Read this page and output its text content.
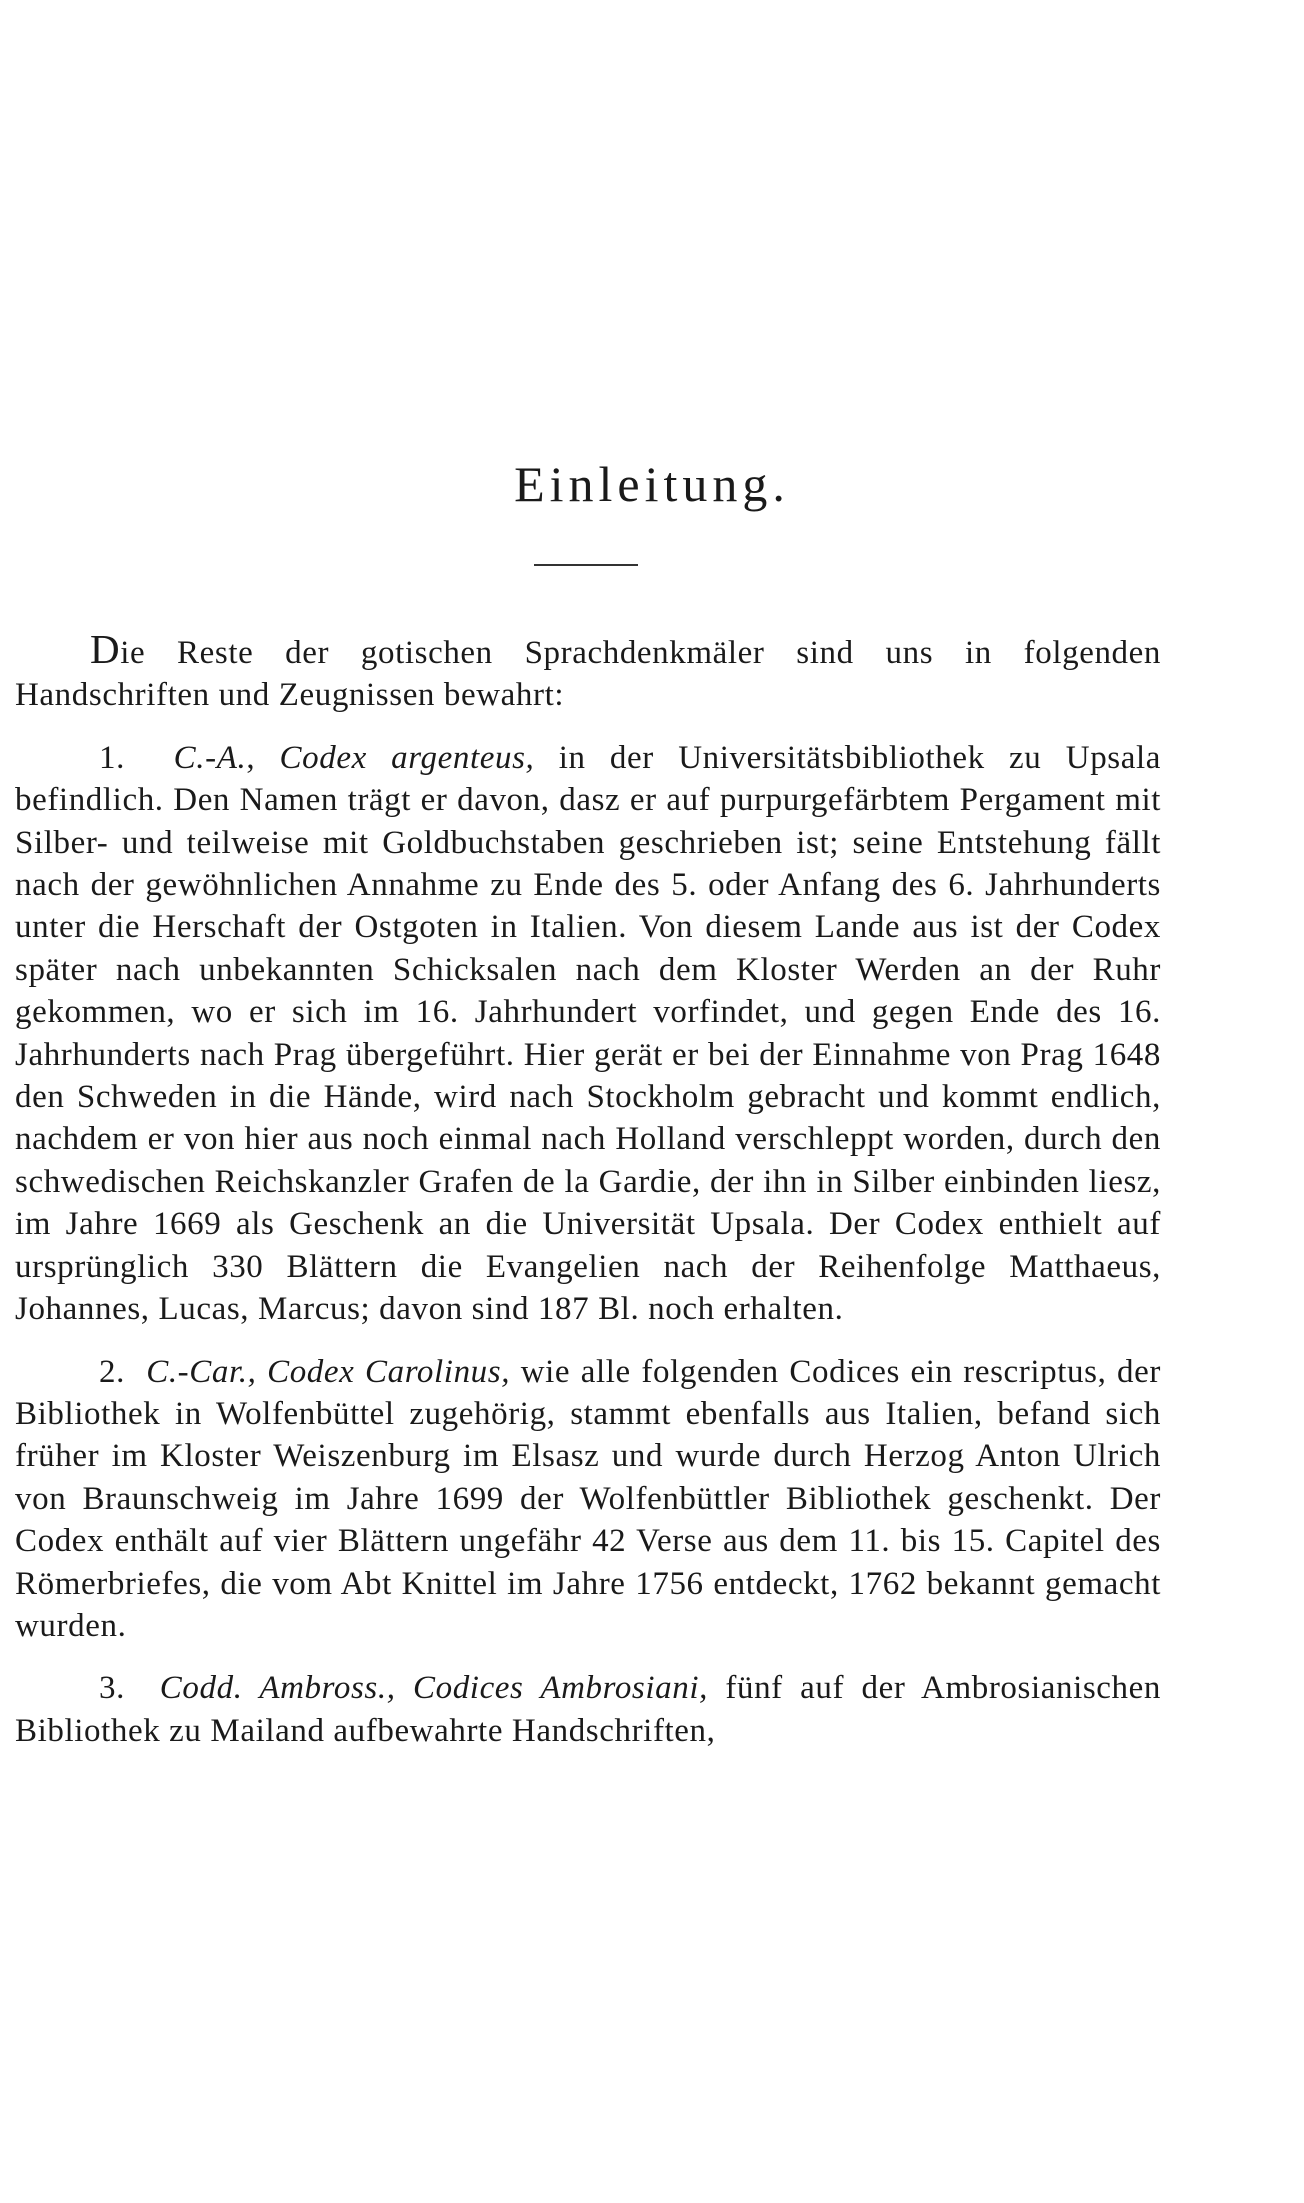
Einleitung.

Die Reste der gotischen Sprachdenkmäler sind uns in folgenden Handschriften und Zeugnissen bewahrt:

1. C.-A., Codex argenteus, in der Universitätsbibliothek zu Upsala befindlich. Den Namen trägt er davon, dasz er auf purpurgefärbtem Pergament mit Silber- und teilweise mit Goldbuchstaben geschrieben ist; seine Entstehung fällt nach der gewöhnlichen Annahme zu Ende des 5. oder Anfang des 6. Jahrhunderts unter die Herschaft der Ostgoten in Italien. Von diesem Lande aus ist der Codex später nach unbekannten Schicksalen nach dem Kloster Werden an der Ruhr gekommen, wo er sich im 16. Jahrhundert vorfindet, und gegen Ende des 16. Jahrhunderts nach Prag übergeführt. Hier gerät er bei der Einnahme von Prag 1648 den Schweden in die Hände, wird nach Stockholm gebracht und kommt endlich, nachdem er von hier aus noch einmal nach Holland verschleppt worden, durch den schwedischen Reichskanzler Grafen de la Gardie, der ihn in Silber einbinden liesz, im Jahre 1669 als Geschenk an die Universität Upsala. Der Codex enthielt auf ursprünglich 330 Blättern die Evangelien nach der Reihenfolge Matthaeus, Johannes, Lucas, Marcus; davon sind 187 Bl. noch erhalten.

2. C.-Car., Codex Carolinus, wie alle folgenden Codices ein rescriptus, der Bibliothek in Wolfenbüttel zugehörig, stammt ebenfalls aus Italien, befand sich früher im Kloster Weiszenburg im Elsasz und wurde durch Herzog Anton Ulrich von Braunschweig im Jahre 1699 der Wolfenbüttler Bibliothek geschenkt. Der Codex enthält auf vier Blättern ungefähr 42 Verse aus dem 11. bis 15. Capitel des Römerbriefes, die vom Abt Knittel im Jahre 1756 entdeckt, 1762 bekannt gemacht wurden.

3. Codd. Ambross., Codices Ambrosiani, fünf auf der Ambrosianischen Bibliothek zu Mailand aufbewahrte Handschriften,
